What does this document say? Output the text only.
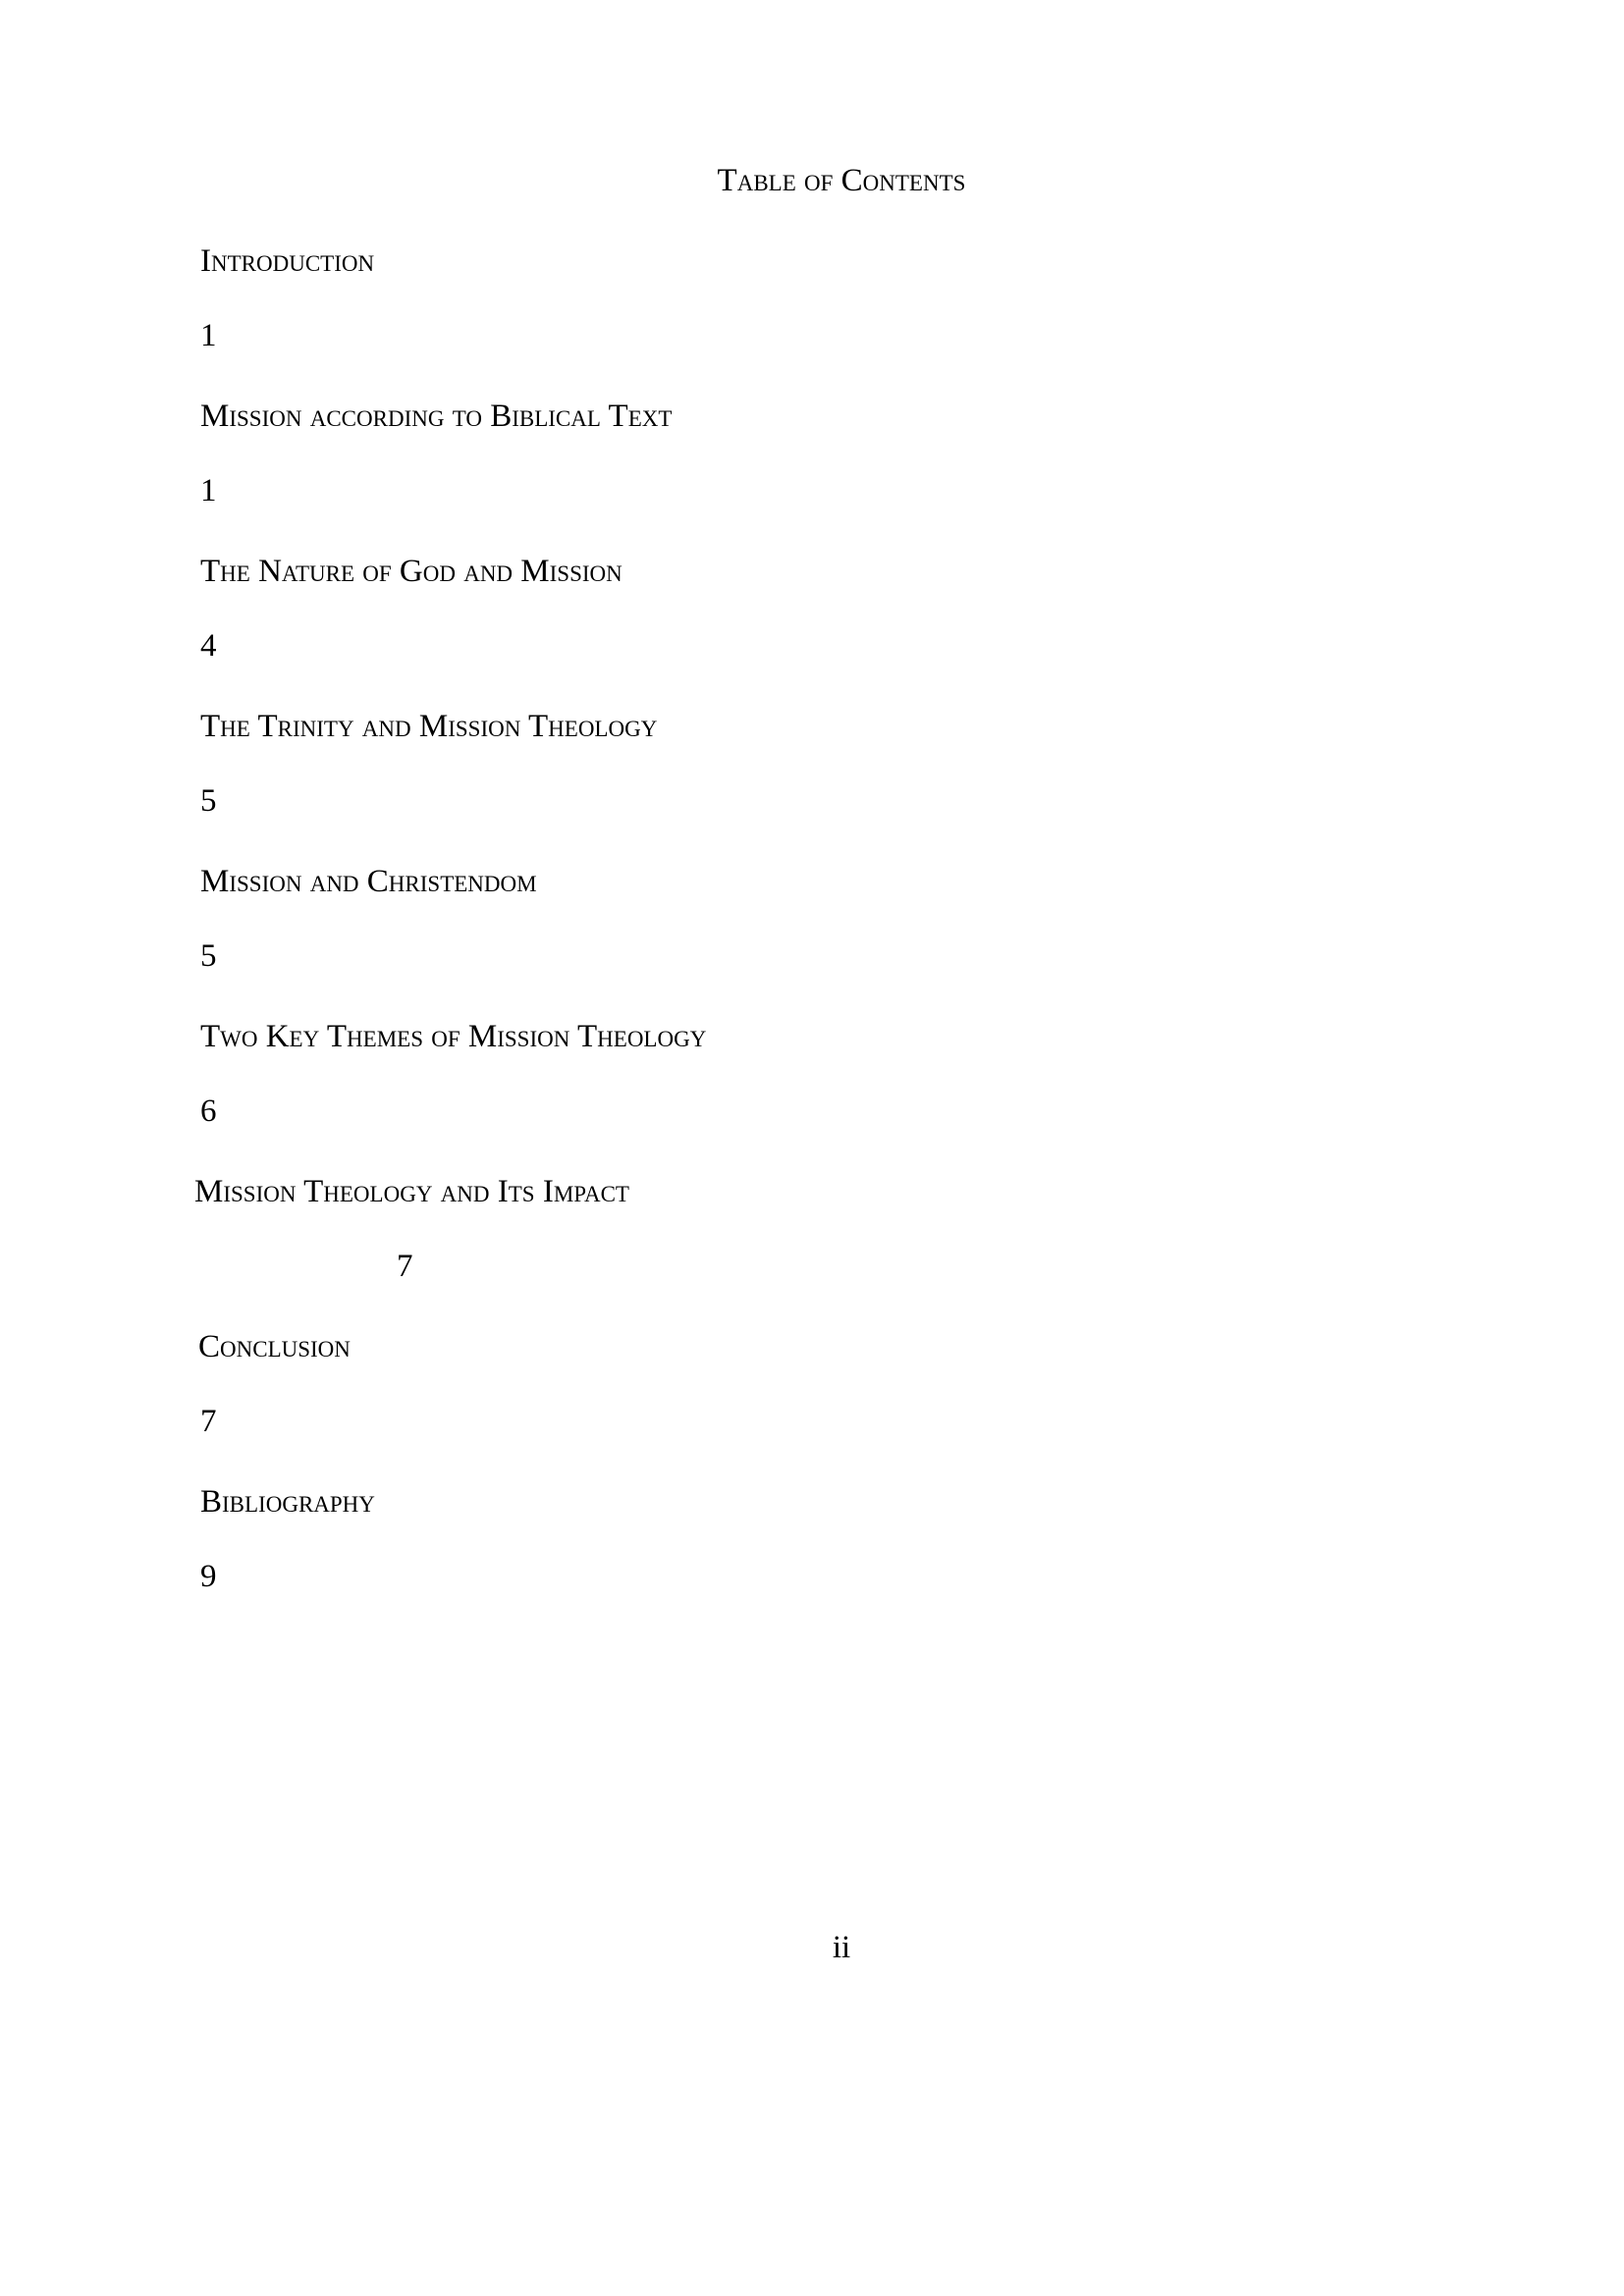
Table of Contents
Introduction
1
Mission according to Biblical Text
1
The Nature of God and Mission
4
The Trinity and Mission Theology
5
Mission and Christendom
5
Two Key Themes of Mission Theology
6
Mission Theology and Its Impact
7
Conclusion
7
Bibliography
9
ii
